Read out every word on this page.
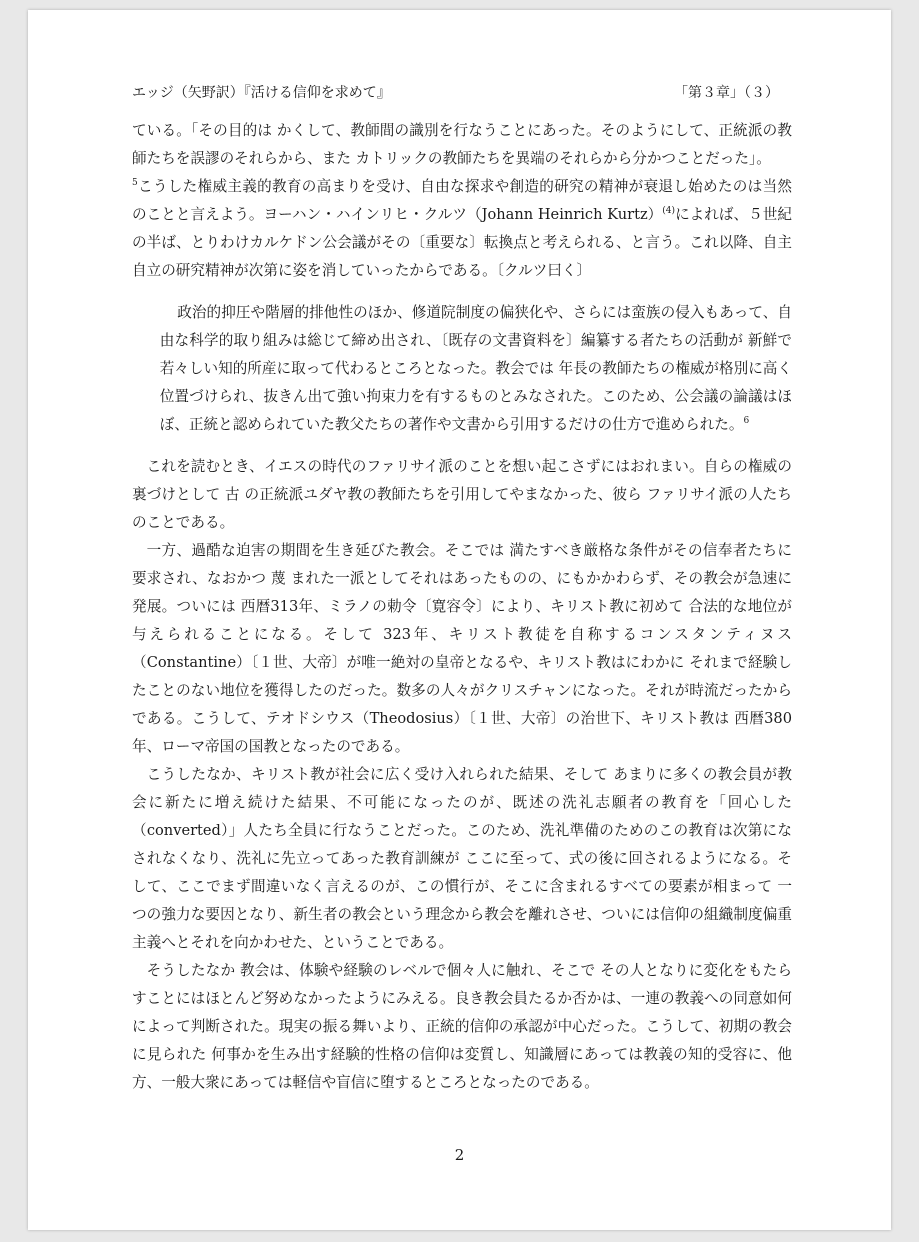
エッジ（矢野訳）『活ける信仰を求めて』	「第３章」（３）

ている。「その目的は かくして、教師間の識別を行なうことにあった。そのようにして、正統派の教師たちを誤謬のそれらから、また カトリックの教師たちを異端のそれらから分かつことだった」。

$^5$こうした権威主義的教育の高まりを受け、自由な探求や創造的研究の精神が衰退し始めたのは当然のことと言えよう。ヨーハン・ハインリヒ・クルツ（Johann Heinrich Kurtz）$^{(4)}$によれば、５世紀の半ば、とりわけカルケドン公会議がその〔重要な〕転換点と考えられる、と言う。これ以降、自主自立の研究精神が次第に姿を消していったからである。〔クルツ曰く〕

政治的抑圧や階層的排他性のほか、修道院制度の偏狭化や、さらには蛮族の侵入もあって、自由な科学的取り組みは総じて締め出され、〔既存の文書資料を〕編纂する者たちの活動が 新鮮で若々しい知的所産に取って代わるところとなった。教会では 年長の教師たちの権威が格別に高く位置づけられ、抜きん出て強い拘束力を有するものとみなされた。このため、公会議の論議はほぼ、正統と認められていた教父たちの著作や文書から引用するだけの仕方で進められた。$^6$

これを読むとき、イエスの時代のファリサイ派のことを想い起こさずにはおれまい。自らの権威の裏づけとして 古 の正統派ユダヤ教の教師たちを引用してやまなかった、彼ら ファリサイ派の人たちのことである。

一方、過酷な迫害の期間を生き延びた教会。そこでは 満たすべき厳格な条件がその信奉者たちに要求され、なおかつ 蔑 まれた一派としてそれはあったものの、にもかかわらず、その教会が急速に発展。ついには 西暦313年、ミラノの勅令〔寛容令〕により、キリスト教に初めて 合法的な地位が与えられることになる。そして 323年、キリスト教徒を自称するコンスタンティヌス（Constantine）〔１世、大帝〕が唯一絶対の皇帝となるや、キリスト教はにわかに それまで経験したことのない地位を獲得したのだった。数多の人々がクリスチャンになった。それが時流だったからである。こうして、テオドシウス（Theodosius）〔１世、大帝〕の治世下、キリスト教は 西暦380年、ローマ帝国の国教となったのである。

こうしたなか、キリスト教が社会に広く受け入れられた結果、そして あまりに多くの教会員が教会に新たに増え続けた結果、不可能になったのが、既述の洗礼志願者の教育を「回心した（converted）」人たち全員に行なうことだった。このため、洗礼準備のためのこの教育は次第になされなくなり、洗礼に先立ってあった教育訓練が ここに至って、式の後に回されるようになる。そして、ここでまず間違いなく言えるのが、この慣行が、そこに含まれるすべての要素が相まって 一つの強力な要因となり、新生者の教会という理念から教会を離れさせ、ついには信仰の組織制度偏重主義へとそれを向かわせた、ということである。

そうしたなか 教会は、体験や経験のレベルで個々人に触れ、そこで その人となりに変化をもたらすことにはほとんど努めなかったようにみえる。良き教会員たるか否かは、一連の教義への同意如何によって判断された。現実の振る舞いより、正統的信仰の承認が中心だった。こうして、初期の教会に見られた 何事かを生み出す経験的性格の信仰は変質し、知識層にあっては教義の知的受容に、他方、一般大衆にあっては軽信や盲信に堕するところとなったのである。

2
